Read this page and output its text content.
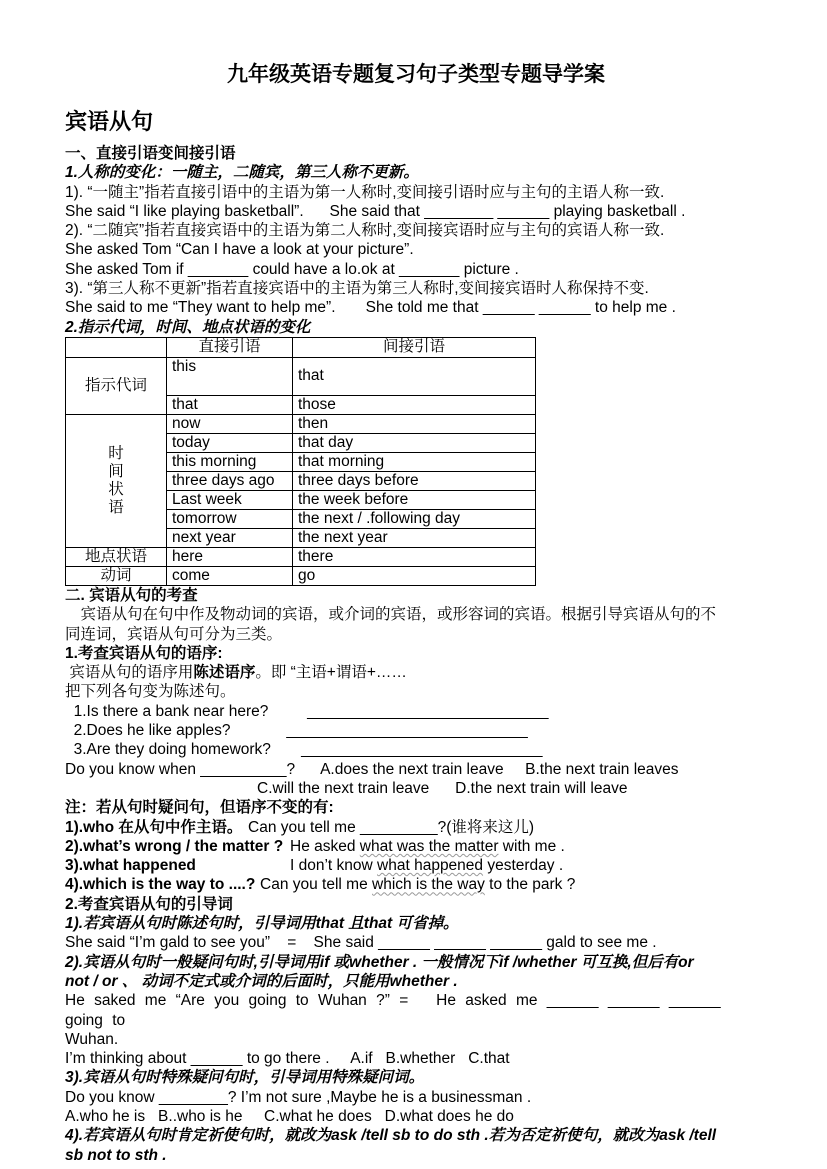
九年级英语专题复习句子类型专题导学案
宾语从句

一、直接引语变间接引语

1.人称的变化：一随主，二随宾，第三人称不更新。

1). “一随主”指若直接引语中的主语为第一人称时,变间接引语时应与主句的主语人称一致.

She said “I like playing basketball”.      She said that ________ ______ playing basketball .

2). “二随宾”指若直接宾语中的主语为第二人称时,变间接宾语时应与主句的宾语人称一致.

She asked Tom “Can I have a look at your picture”.

She asked Tom if _______ could have a lo.ok at _______ picture .

3). “第三人称不更新”指若直接宾语中的主语为第三人称时,变间接宾语时人称保持不变.

She said to me “They want to help me”.       She told me that ______ ______ to help me .

2.指示代词，时间、地点状语的变化

	直接引语	间接引语
指示代词	this	that
	that	those
时
间
状
语	now	then
	today	that day
	this morning	that morning
	three days ago	three days before
	Last week	the week before
	tomorrow	the next / .following day
	next year	the next year
地点状语	here	there
动词	come	go

二. 宾语从句的考查

　宾语从句在句中作及物动词的宾语，或介词的宾语，或形容词的宾语。根据引导宾语从句的不

同连词，宾语从句可分为三类。

1.考查宾语从句的语序:

宾语从句的语序用陈述语序。即 “主语+谓语+……

把下列各句变为陈述句。

1.Is there a bank near here?         ____________________________

2.Does he like apples?             ____________________________

3.Are they doing homework?       ____________________________

Do you know when __________?      A.does the next train leave     B.the next train leaves

C.will the next train leave      D.the next train will leave

注：若从句时疑问句，但语序不变的有:

1).who 在从句中作主语。 Can you tell me _________?(谁将来这儿)

2).what’s wrong / the matter ? He asked what was the matter with me .

3).what happened	I don’t know what happened yesterday .

4).which is the way to ....? Can you tell me which is the way to the park ?

2.考查宾语从句的引导词

1).若宾语从句时陈述句时，引导词用that 且that 可省掉。

She said “I’m gald to see you”    =    She said ______ ______ ______ gald to see me .

2).宾语从句时一般疑问句时,引导词用if 或whether . 一般情况下if /whether 可互换,但后有or

not / or 、 动词不定式或介词的后面时，只能用whether .

He saked me “Are you going to Wuhan ?” =   He asked me ______ ______ ______ going to

Wuhan.

I’m thinking about ______ to go there .     A.if   B.whether   C.that

3).宾语从句时特殊疑问句时，引导词用特殊疑问词。

Do you know ________? I’m not sure ,Maybe he is a businessman .

A.who he is   B..who is he     C.what he does   D.what does he do

4).若宾语从句时肯定祈使句时，就改为ask /tell sb to do sth .若为否定祈使句，就改为ask /tell

sb not to sth .
